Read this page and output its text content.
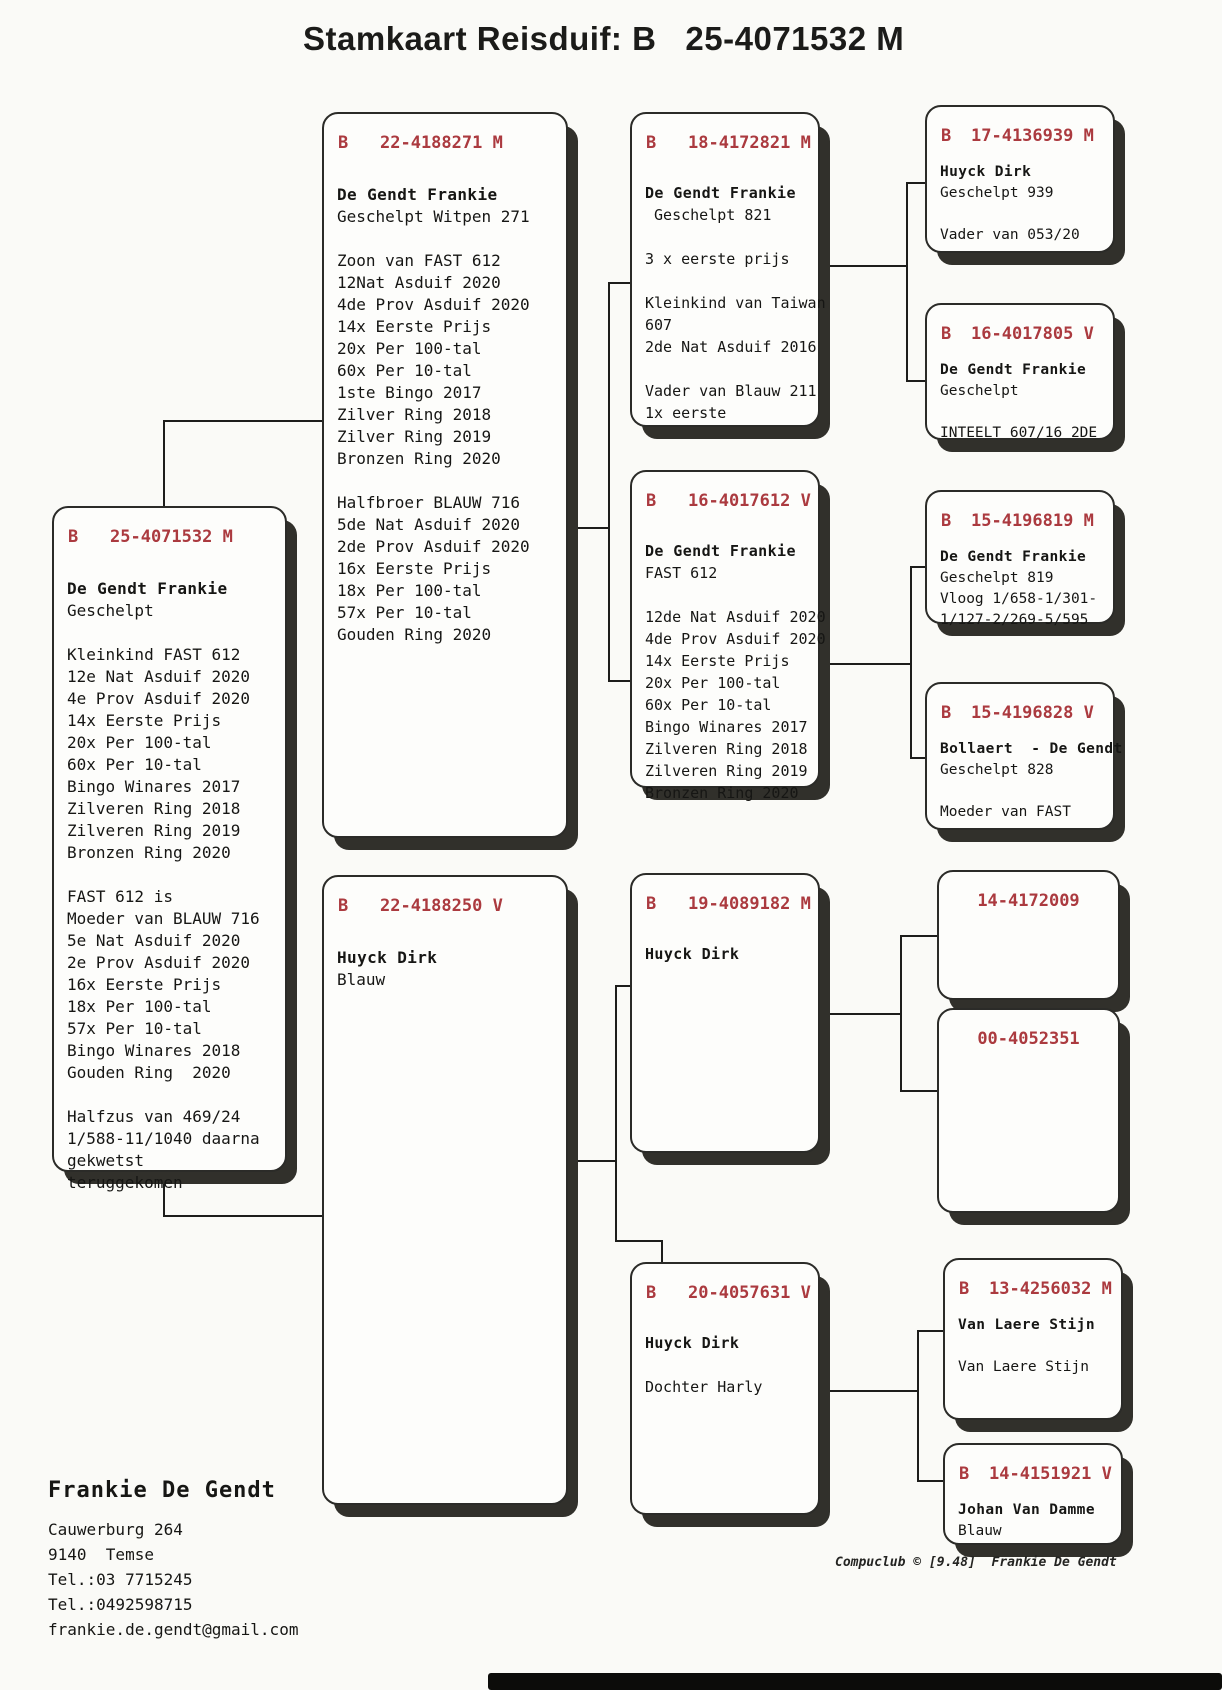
Stamkaart Reisduif: B   25-4071532 M
B	25-4071532 M
De Gendt Frankie
Geschelpt
Kleinkind FAST 612
12e Nat Asduif 2020
4e Prov Asduif 2020
14x Eerste Prijs
20x Per 100-tal
60x Per 10-tal
Bingo Winares 2017
Zilveren Ring 2018
Zilveren Ring 2019
Bronzen Ring 2020
FAST 612 is
Moeder van BLAUW 716
5e Nat Asduif 2020
2e Prov Asduif 2020
16x Eerste Prijs
18x Per 100-tal
57x Per 10-tal
Bingo Winares 2018
Gouden Ring  2020
Halfzus van 469/24
1/588-11/1040 daarna
gekwetst
teruggekomen
B	22-4188271 M
De Gendt Frankie
Geschelpt Witpen 271
Zoon van FAST 612
12Nat Asduif 2020
4de Prov Asduif 2020
14x Eerste Prijs
20x Per 100-tal
60x Per 10-tal
1ste Bingo 2017
Zilver Ring 2018
Zilver Ring 2019
Bronzen Ring 2020
Halfbroer BLAUW 716
5de Nat Asduif 2020
2de Prov Asduif 2020
16x Eerste Prijs
18x Per 100-tal
57x Per 10-tal
Gouden Ring 2020
B	22-4188250 V
Huyck Dirk
Blauw
B	18-4172821 M
De Gendt Frankie
Geschelpt 821
3 x eerste prijs
Kleinkind van Taiwan
607
2de Nat Asduif 2016
Vader van Blauw 211
1x eerste
B	16-4017612 V
De Gendt Frankie
FAST 612
12de Nat Asduif 2020
4de Prov Asduif 2020
14x Eerste Prijs
20x Per 100-tal
60x Per 10-tal
Bingo Winares 2017
Zilveren Ring 2018
Zilveren Ring 2019
Bronzen Ring 2020
B	19-4089182 M
Huyck Dirk
B	20-4057631 V
Huyck Dirk
Dochter Harly
B	17-4136939 M
Huyck Dirk
Geschelpt 939
Vader van 053/20
B	16-4017805 V
De Gendt Frankie
Geschelpt
INTEELT 607/16 2DE
B	15-4196819 M
De Gendt Frankie
Geschelpt 819
Vloog 1/658-1/301-
1/127-2/269-5/595
B	15-4196828 V
Bollaert  - De Gendt
Geschelpt 828
Moeder van FAST
14-4172009
00-4052351
B	13-4256032 M
Van Laere Stijn
Van Laere Stijn
B	14-4151921 V
Johan Van Damme
Blauw
Frankie De Gendt
Cauwerburg 264
9140  Temse
Tel.:03 7715245
Tel.:0492598715
frankie.de.gendt@gmail.com
Compuclub © [9.48]  Frankie De Gendt
